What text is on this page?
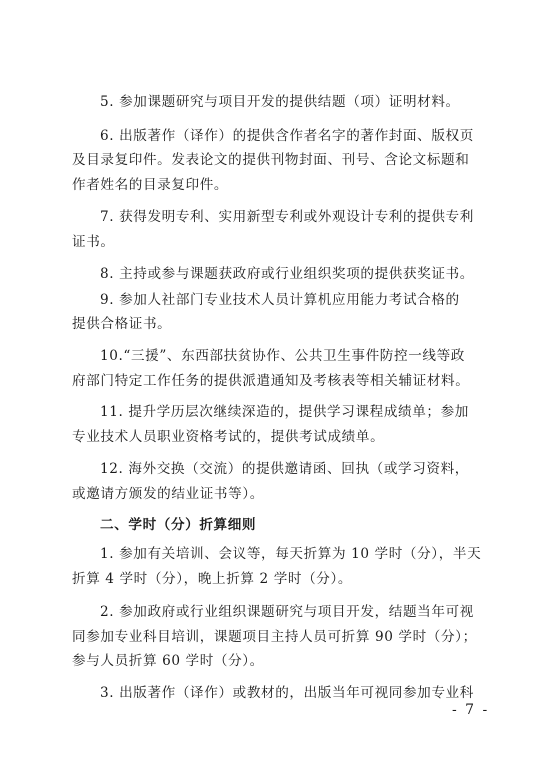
5. 参加课题研究与项目开发的提供结题（项）证明材料。
6. 出版著作（译作）的提供含作者名字的著作封面、版权页
及目录复印件。发表论文的提供刊物封面、刊号、含论文标题和
作者姓名的目录复印件。
7. 获得发明专利、实用新型专利或外观设计专利的提供专利
证书。
8. 主持或参与课题获政府或行业组织奖项的提供获奖证书。
9. 参加人社部门专业技术人员计算机应用能力考试合格的
提供合格证书。
10.“三援”、东西部扶贫协作、公共卫生事件防控一线等政
府部门特定工作任务的提供派遣通知及考核表等相关辅证材料。
11. 提升学历层次继续深造的，提供学习课程成绩单；参加
专业技术人员职业资格考试的，提供考试成绩单。
12. 海外交换（交流）的提供邀请函、回执（或学习资料，
或邀请方颁发的结业证书等）。
二、学时（分）折算细则
1. 参加有关培训、会议等，每天折算为 10 学时（分），半天
折算 4 学时（分），晚上折算 2 学时（分）。
2. 参加政府或行业组织课题研究与项目开发，结题当年可视
同参加专业科目培训，课题项目主持人员可折算 90 学时（分）；
参与人员折算 60 学时（分）。
3. 出版著作（译作）或教材的，出版当年可视同参加专业科
- 7 -
